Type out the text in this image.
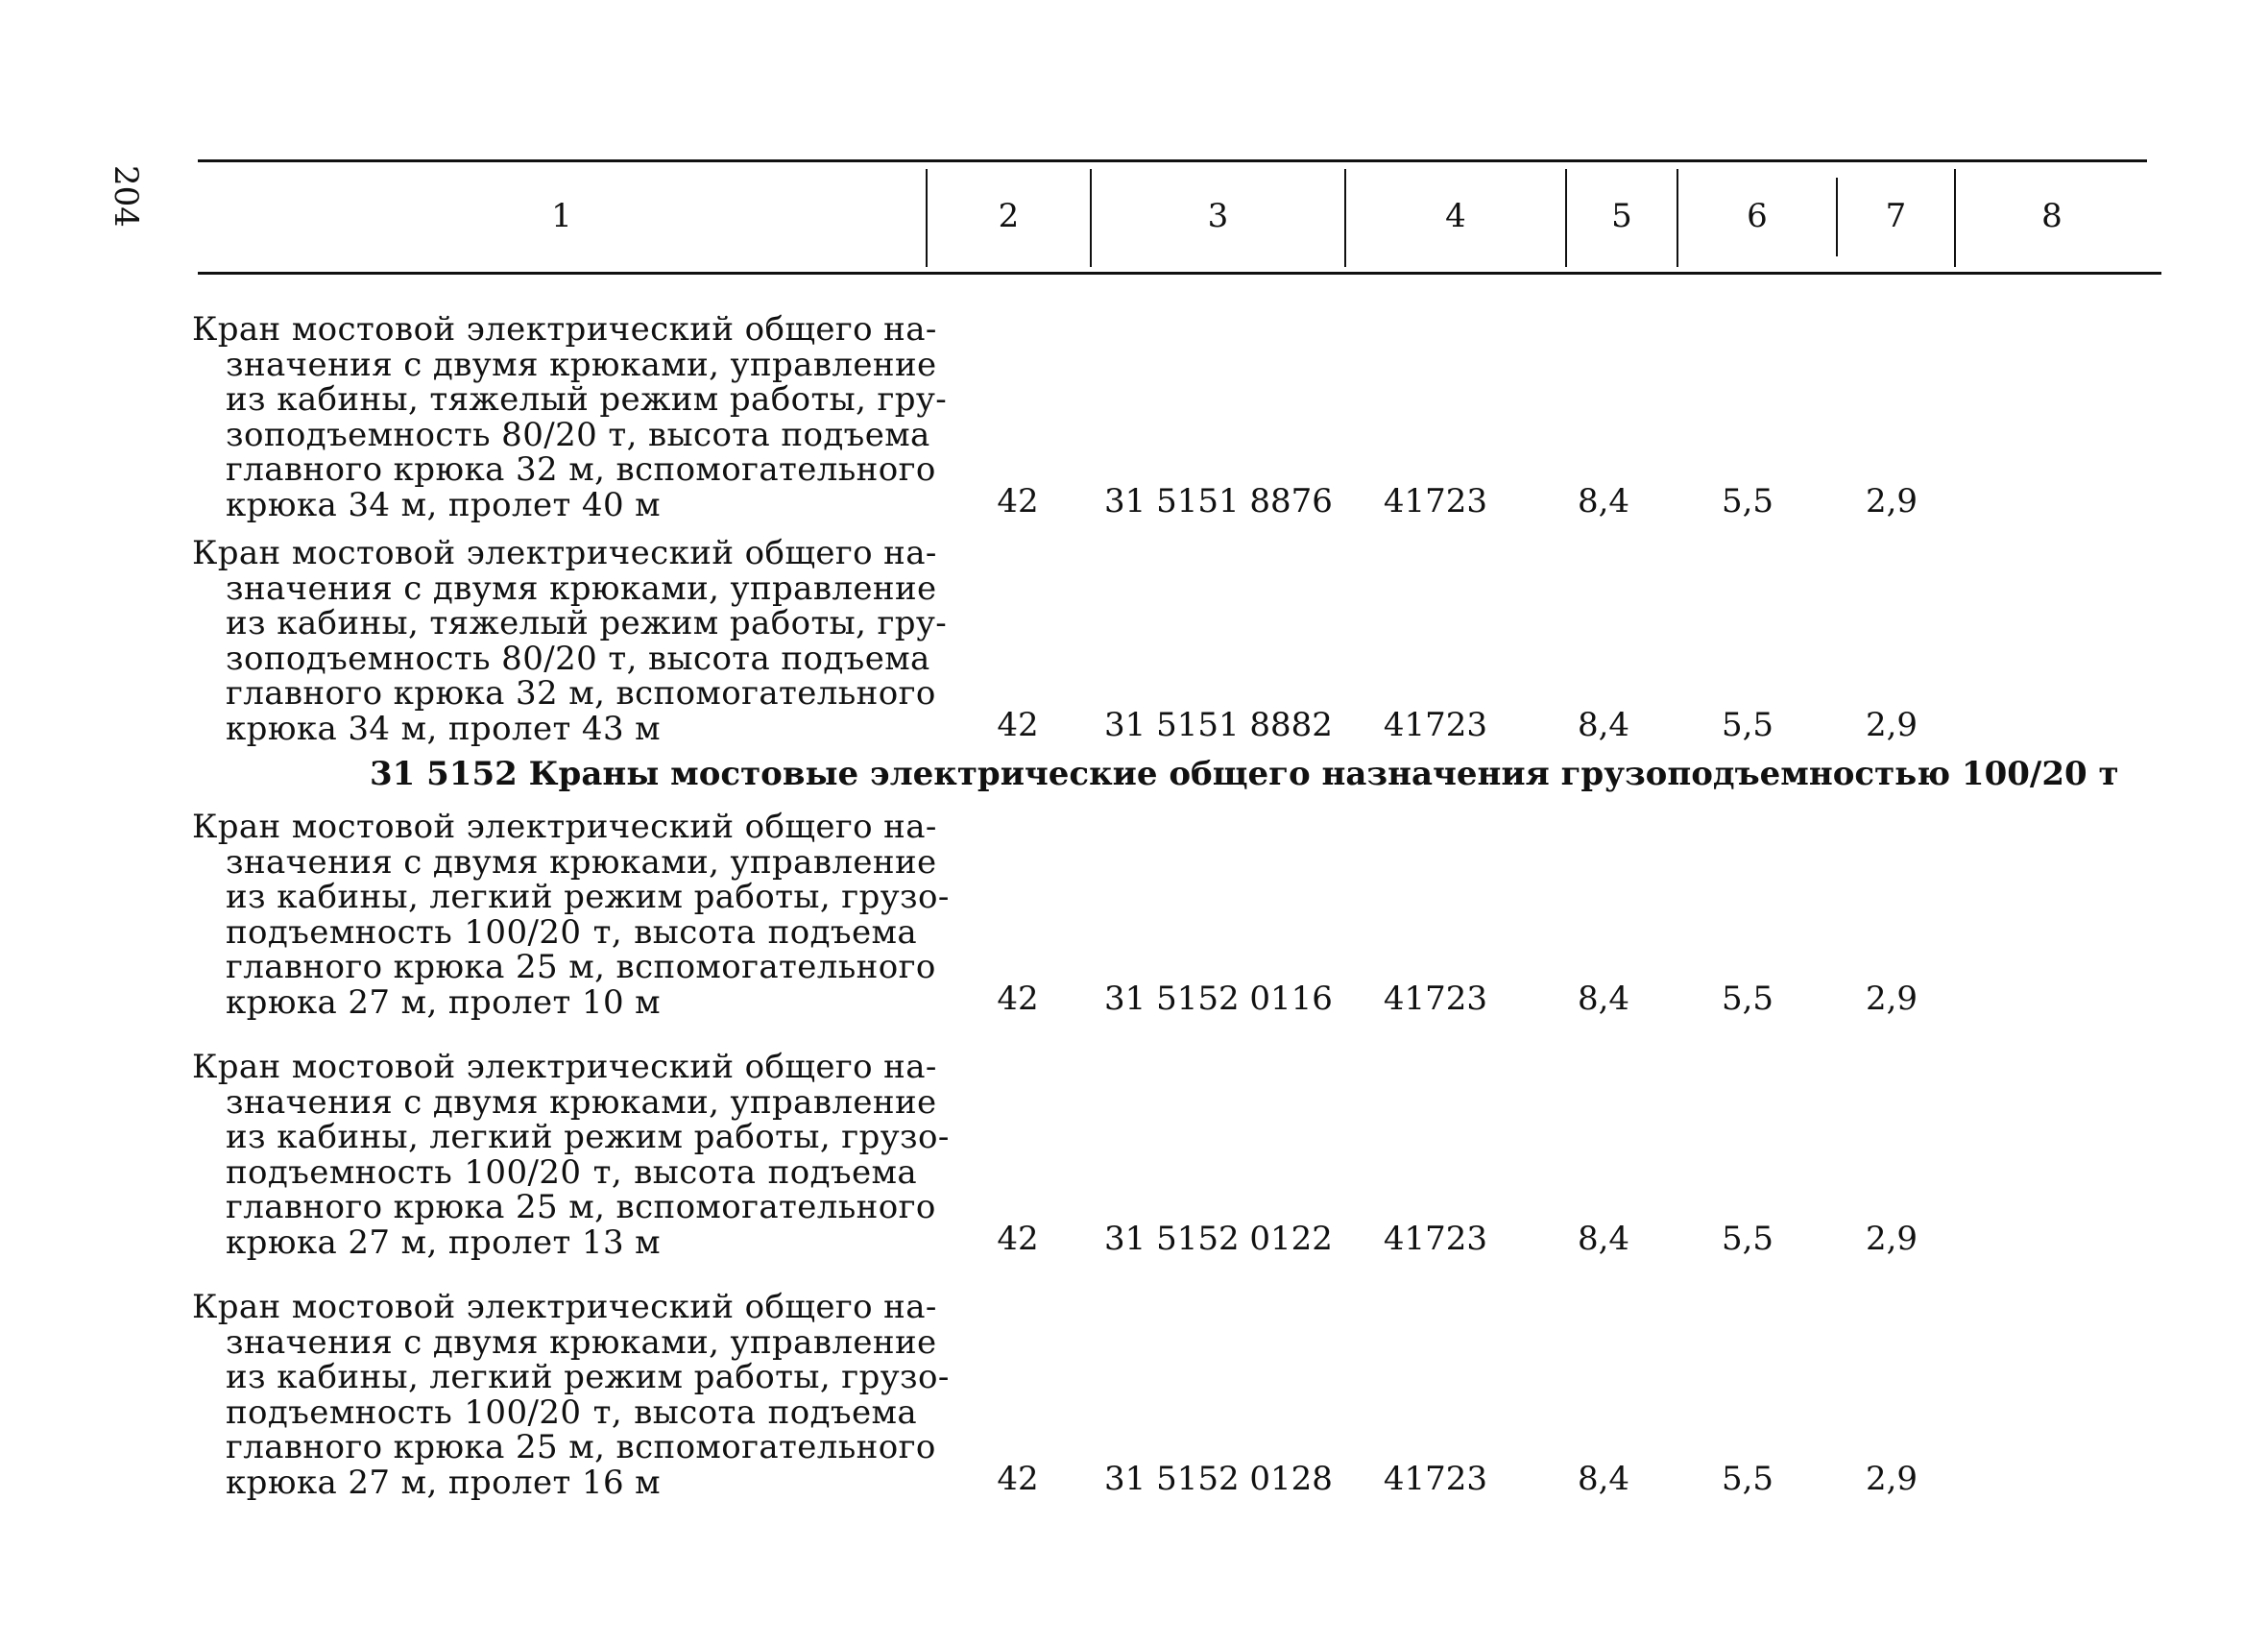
204	1	2	3	4	5	6	7	8
Кран мостовой электрический общего на-
значения с двумя крюками, управление
из кабины, тяжелый режим работы, гру-
зоподъемность 80/20 т, высота подъема
главного крюка 32 м, вспомогательного
крюка 34 м, пролет 40 м	42	31 5151 8876	41723	8,4	5,5	2,9
Кран мостовой электрический общего на-
значения с двумя крюками, управление
из кабины, тяжелый режим работы, гру-
зоподъемность 80/20 т, высота подъема
главного крюка 32 м, вспомогательного
крюка 34 м, пролет 43 м	42	31 5151 8882	41723	8,4	5,5	2,9
31 5152 Краны мостовые электрические общего назначения грузоподъемностью 100/20 т
Кран мостовой электрический общего на-
значения с двумя крюками, управление
из кабины, легкий режим работы, грузо-
подъемность 100/20 т, высота подъема
главного крюка 25 м, вспомогательного
крюка 27 м, пролет 10 м	42	31 5152 0116	41723	8,4	5,5	2,9
Кран мостовой электрический общего на-
значения с двумя крюками, управление
из кабины, легкий режим работы, грузо-
подъемность 100/20 т, высота подъема
главного крюка 25 м, вспомогательного
крюка 27 м, пролет 13 м	42	31 5152 0122	41723	8,4	5,5	2,9
Кран мостовой электрический общего на-
значения с двумя крюками, управление
из кабины, легкий режим работы, грузо-
подъемность 100/20 т, высота подъема
главного крюка 25 м, вспомогательного
крюка 27 м, пролет 16 м	42	31 5152 0128	41723	8,4	5,5	2,9
